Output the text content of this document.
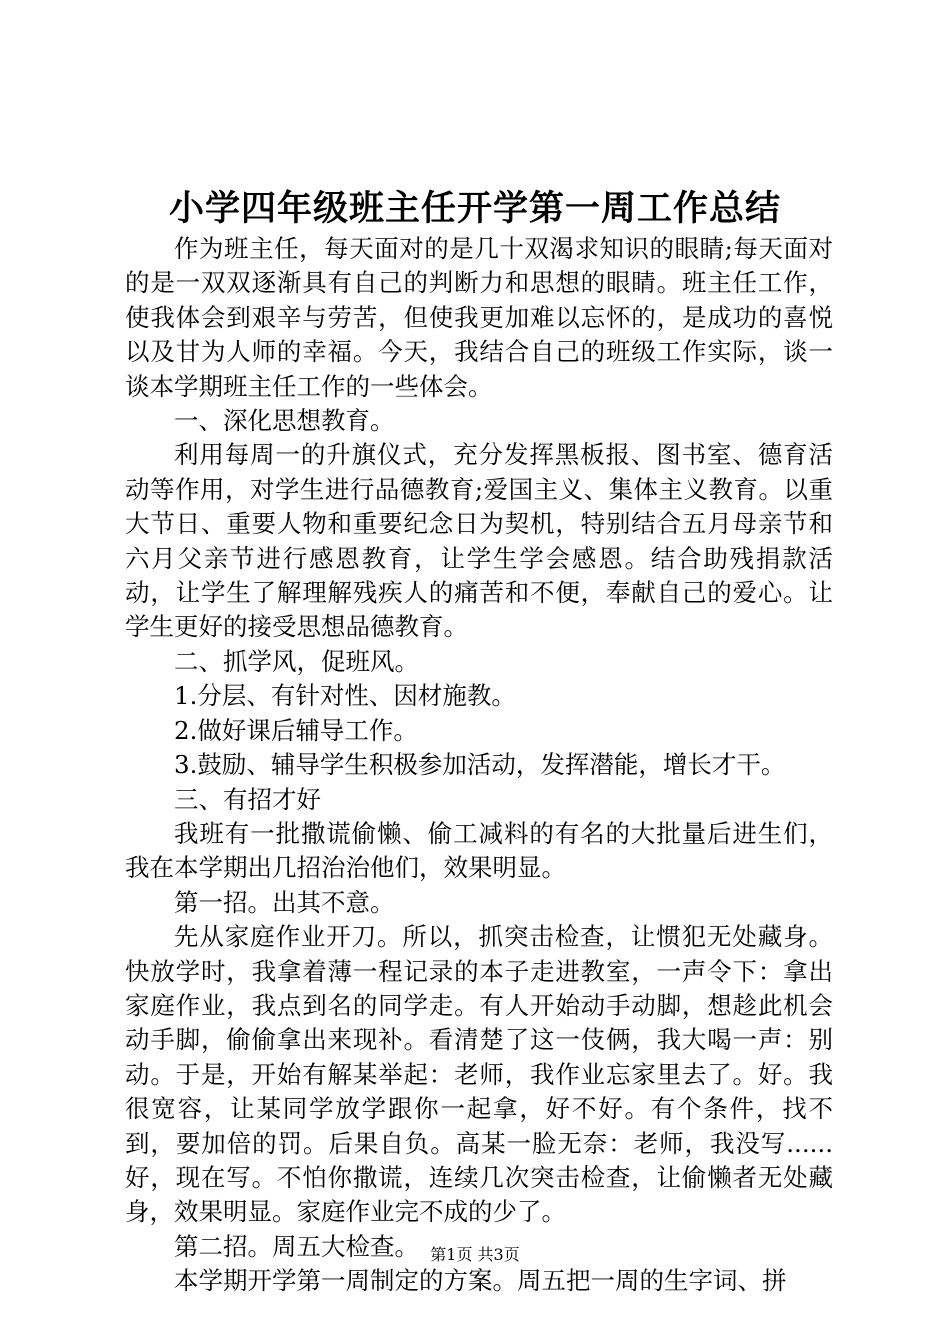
小学四年级班主任开学第一周工作总结

作为班主任，每天面对的是几十双渴求知识的眼睛;每天面对的是一双双逐渐具有自己的判断力和思想的眼睛。班主任工作，使我体会到艰辛与劳苦，但使我更加难以忘怀的，是成功的喜悦以及甘为人师的幸福。今天，我结合自己的班级工作实际，谈一谈本学期班主任工作的一些体会。

一、深化思想教育。

利用每周一的升旗仪式，充分发挥黑板报、图书室、德育活动等作用，对学生进行品德教育;爱国主义、集体主义教育。以重大节日、重要人物和重要纪念日为契机，特别结合五月母亲节和六月父亲节进行感恩教育，让学生学会感恩。结合助残捐款活动，让学生了解理解残疾人的痛苦和不便，奉献自己的爱心。让学生更好的接受思想品德教育。

二、抓学风，促班风。

1.分层、有针对性、因材施教。

2.做好课后辅导工作。

3.鼓励、辅导学生积极参加活动，发挥潜能，增长才干。

三、有招才好

我班有一批撒谎偷懒、偷工减料的有名的大批量后进生们，我在本学期出几招治治他们，效果明显。

第一招。出其不意。

先从家庭作业开刀。所以，抓突击检查，让惯犯无处藏身。快放学时，我拿着薄一程记录的本子走进教室，一声令下：拿出家庭作业，我点到名的同学走。有人开始动手动脚，想趁此机会动手脚，偷偷拿出来现补。看清楚了这一伎俩，我大喝一声：别动。于是，开始有解某举起：老师，我作业忘家里去了。好。我很宽容，让某同学放学跟你一起拿，好不好。有个条件，找不到，要加倍的罚。后果自负。高某一脸无奈：老师，我没写......好，现在写。不怕你撒谎，连续几次突击检查，让偷懒者无处藏身，效果明显。家庭作业完不成的少了。

第二招。周五大检查。

本学期开学第一周制定的方案。周五把一周的生字词、拼

第1页 共3页
